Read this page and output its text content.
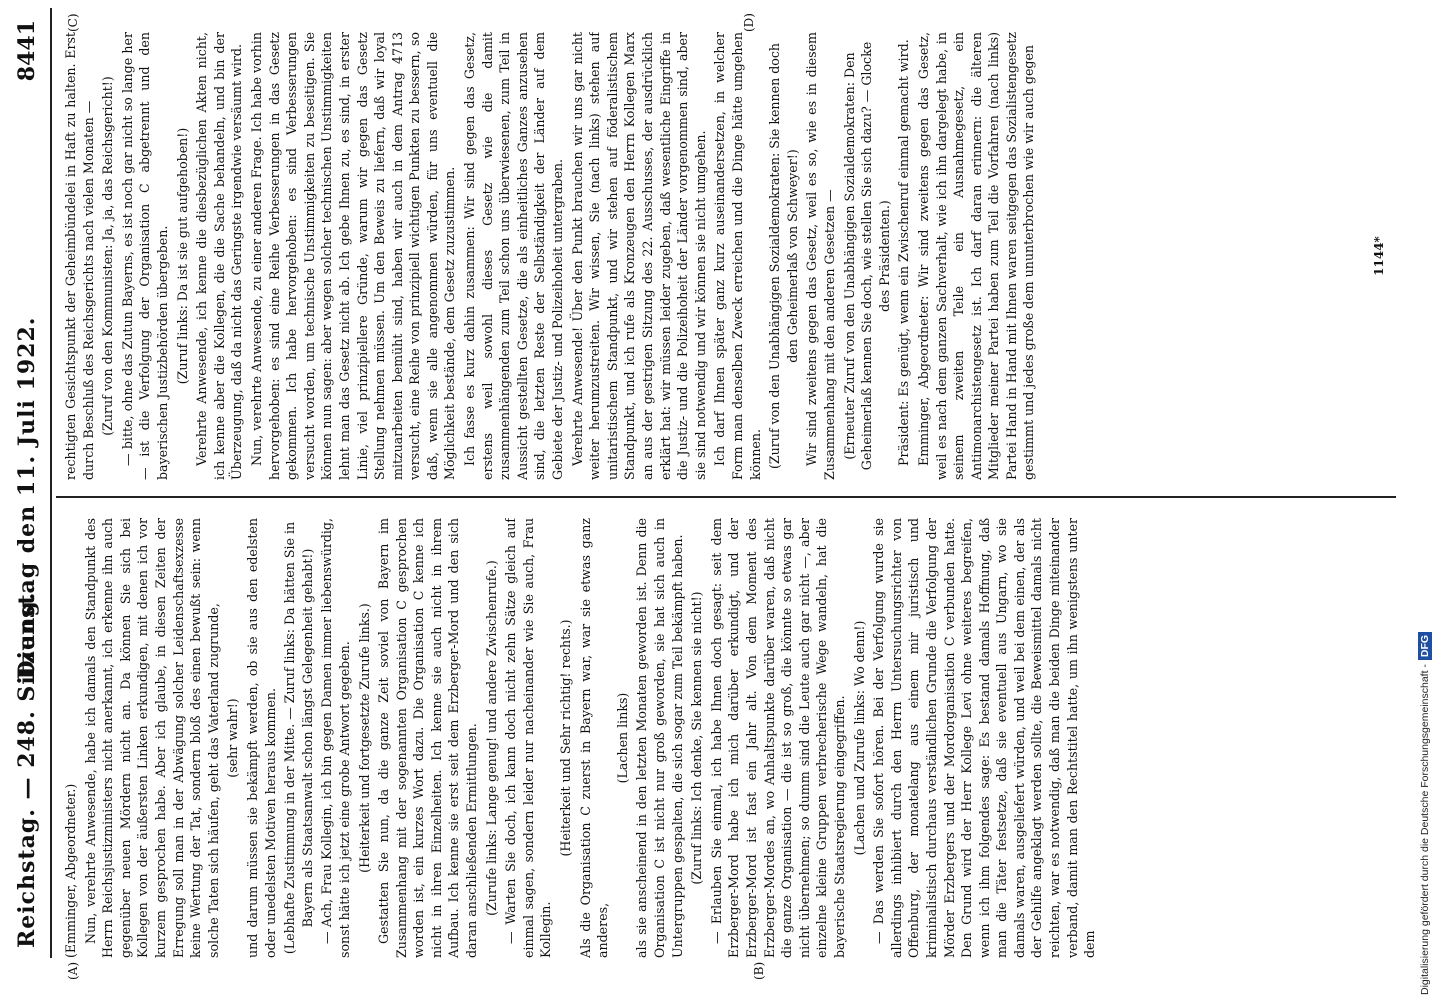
Reichstag. — 248. Sitzung.
Dienstag den 11. Juli 1922.
8441
(A)	(B)
(C)	(D)

(Emminger, Abgeordneter.) Nun, verehrte Anwesende, habe ich damals den Standpunkt des Herrn Reichsjustizministers nicht anerkannt, ich erkenne ihn auch gegenüber neuen Mördern nicht an. Da können Sie sich bei Kollegen von der äußersten Linken erkundigen, mit denen ich vor kurzem gesprochen habe. Aber ich glaube, in diesen Zeiten der Erregung soll man in der Abwägung solcher Leidenschaftsexzesse keine Wertung der Tat, sondern bloß des einen bewußt sein: wenn solche Taten sich häufen, geht das Vaterland zugrunde, (sehr wahr!) und darum müssen sie bekämpft werden, ob sie aus den edelsten oder unedelsten Motiven heraus kommen. (Lebhafte Zustimmung in der Mitte. — Zuruf links: Da hätten Sie in Bayern als Staatsanwalt schon längst Gelegenheit gehabt!) — Ach, Frau Kollegin, ich bin gegen Damen immer liebenswürdig, sonst hätte ich jetzt eine grobe Antwort gegeben. (Heiterkeit und fortgesetzte Zurufe links.) Gestatten Sie nun, da die ganze Zeit soviel von Bayern im Zusammenhang mit der sogenannten Organisation C gesprochen worden ist, ein kurzes Wort dazu. Die Organisation C kenne ich nicht in ihren Einzelheiten. Ich kenne sie auch nicht in ihrem Aufbau. Ich kenne sie erst seit dem Erzberger-Mord und den sich daran anschließenden Ermittlungen. (Zurufe links: Lange genug! und andere Zwischenrufe.) — Warten Sie doch, ich kann doch nicht zehn Sätze gleich auf einmal sagen, sondern leider nur nacheinander wie Sie auch, Frau Kollegin.

(Heiterkeit und Sehr richtig! rechts.) Als die Organisation C zuerst in Bayern war, war sie etwas ganz anderes,

(Lachen links) als sie anscheinend in den letzten Monaten geworden ist. Denn die Organisation C ist nicht nur groß geworden, sie hat sich auch in Untergruppen gespalten, die sich sogar zum Teil bekämpft haben. (Zuruf links: Ich denke, Sie kennen sie nicht!) — Erlauben Sie einmal, ich habe Ihnen doch gesagt: seit dem Erzberger-Mord habe ich mich darüber erkundigt, und der Erzberger-Mord ist fast ein Jahr alt. Von dem Moment des Erzberger-Mordes an, wo Anhaltspunkte darüber waren, daß nicht die ganze Organisation — die ist so groß, die könnte so etwas gar nicht übernehmen; so dumm sind die Leute auch gar nicht —, aber einzelne kleine Gruppen verbrecherische Wege wandeln, hat die bayerische Staatsregierung eingegriffen. (Lachen und Zurufe links: Wo denn!) — Das werden Sie sofort hören. Bei der Verfolgung wurde sie allerdings inhibiert durch den Herrn Untersuchungsrichter von Offenburg, der monatelang aus einem mir juristisch und kriminalistisch durchaus verständlichen Grunde die Verfolgung der Mörder Erzbergers und der Mordorganisation C verbunden hatte. Den Grund wird der Herr Kollege Levi ohne weiteres begreifen, wenn ich ihm folgendes sage: Es bestand damals Hoffnung, daß man die Täter festsetze, daß sie eventuell aus Ungarn, wo sie damals waren, ausgeliefert würden, und weil bei dem einen, der als der Gehilfe angeklagt werden sollte, die Beweismittel damals nicht reichten, war es notwendig, daß man die beiden Dinge miteinander verband, damit man den Rechtstitel hatte, um ihn wenigstens unter dem

rechtigten Gesichtspunkt der Geheimbündelei in Haft zu halten. Erst durch Beschluß des Reichsgerichts nach vielen Monaten — (Zuruf von den Kommunisten: Ja, ja, das Reichsgericht!) — bitte, ohne das Zutun Bayerns, es ist noch gar nicht so lange her — ist die Verfolgung der Organisation C abgetrennt und den bayerischen Justizbehörden übergeben. (Zuruf links: Da ist sie gut aufgehoben!) Verehrte Anwesende, ich kenne die diesbezüglichen Akten nicht, ich kenne aber die Kollegen, die die Sache behandeln, und bin der Überzeugung, daß da nicht das Geringste irgendwie versäumt wird. Nun, verehrte Anwesende, zu einer anderen Frage. Ich habe vorhin hervorgehoben: es sind eine Reihe Verbesserungen in das Gesetz gekommen. Ich habe hervorgehoben: es sind Verbesserungen versucht worden, um technische Unstimmigkeiten zu beseitigen. Sie können nun sagen: aber wegen solcher technischen Unstimmigkeiten lehnt man das Gesetz nicht ab. Ich gebe Ihnen zu, es sind, in erster Linie, viel prinzipiellere Gründe, warum wir gegen das Gesetz Stellung nehmen müssen. Um den Beweis zu liefern, daß wir loyal mitzuarbeiten bemüht sind, haben wir auch in dem Antrag 4713 versucht, eine Reihe von prinzipiell wichtigen Punkten zu bessern, so daß, wenn sie alle angenommen würden, für uns eventuell die Möglichkeit bestände, dem Gesetz zuzustimmen. Ich fasse es kurz dahin zusammen: Wir sind gegen das Gesetz, erstens weil sowohl dieses Gesetz wie die damit zusammenhängenden zum Teil schon uns überwiesenen, zum Teil in Aussicht gestellten Gesetze, die als einheitliches Ganzes anzusehen sind, die letzten Reste der Selbständigkeit der Länder auf dem Gebiete der Justiz- und Polizeihoheit untergraben. Verehrte Anwesende! Über den Punkt brauchen wir uns gar nicht weiter herumzustreiten. Wir wissen, Sie (nach links) stehen auf unitaristischem Standpunkt, und wir stehen auf föderalistischem Standpunkt, und ich rufe als Kronzeugen den Herrn Kollegen Marx an aus der gestrigen Sitzung des 22. Ausschusses, der ausdrücklich erklärt hat: wir müssen leider zugeben, daß wesentliche Eingriffe in die Justiz- und die Polizeihoheit der Länder vorgenommen sind, aber sie sind notwendig und wir können sie nicht umgehen. Ich darf Ihnen später ganz kurz auseinandersetzen, in welcher Form man denselben Zweck erreichen und die Dinge hätte umgehen können. (Zuruf von den Unabhängigen Sozialdemokraten: Sie kennen doch den Geheimerlaß von Schweyer!) Wir sind zweitens gegen das Gesetz, weil es so, wie es in diesem Zusammenhang mit den anderen Gesetzen — (Erneuter Zuruf von den Unabhängigen Sozialdemokraten: Den Geheimerlaß kennen Sie doch, wie stellen Sie sich dazu? — Glocke des Präsidenten.) Präsident: Es genügt, wenn ein Zwischenruf einmal gemacht wird. Emminger, Abgeordneter: Wir sind zweitens gegen das Gesetz, weil es nach dem ganzen Sachverhalt, wie ich ihn dargelegt habe, in seinem zweiten Teile ein Ausnahmegesetz, ein Antimonarchistengesetz ist. Ich darf daran erinnern: die älteren Mitglieder meiner Partei haben zum Teil die Vorfahren (nach links) Partei Hand in Hand mit Ihnen waren seitgegen das Sozialistengesetz gestimmt und jedes große dem ununterbrochen wie wir auch gegen	1144*
Digitalisierung gefördert durch die Deutsche Forschungsgemeinschaft -DFG
